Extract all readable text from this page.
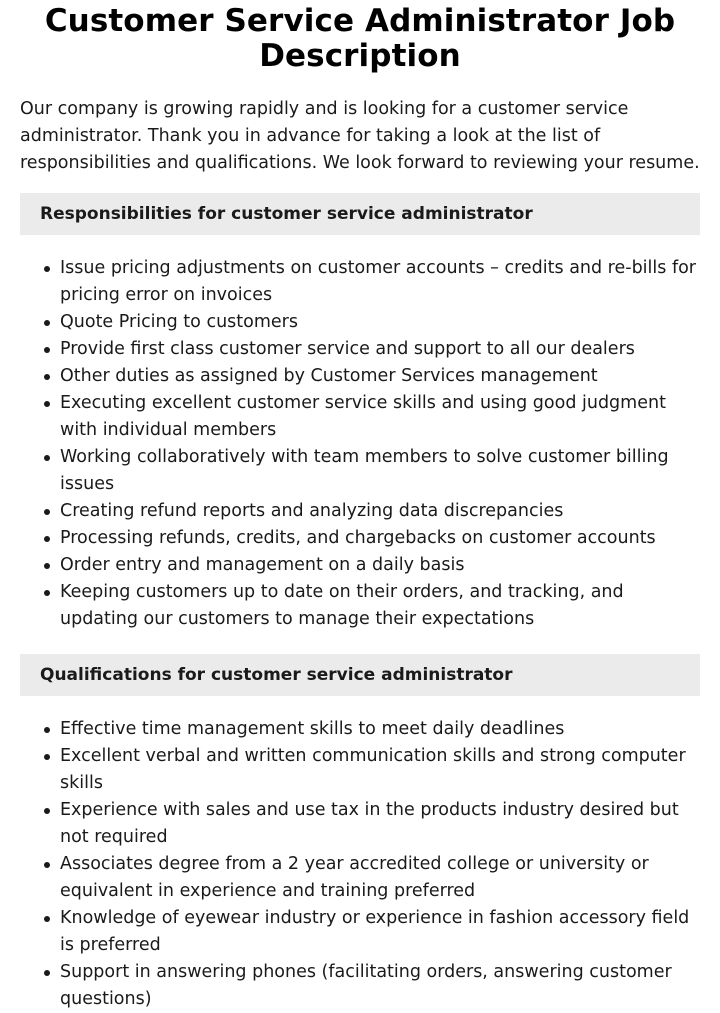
Customer Service Administrator Job Description

Our company is growing rapidly and is looking for a customer service administrator. Thank you in advance for taking a look at the list of responsibilities and qualifications. We look forward to reviewing your resume.

Responsibilities for customer service administrator
Issue pricing adjustments on customer accounts – credits and re-bills for pricing error on invoices
Quote Pricing to customers
Provide first class customer service and support to all our dealers
Other duties as assigned by Customer Services management
Executing excellent customer service skills and using good judgment with individual members
Working collaboratively with team members to solve customer billing issues
Creating refund reports and analyzing data discrepancies
Processing refunds, credits, and chargebacks on customer accounts
Order entry and management on a daily basis
Keeping customers up to date on their orders, and tracking, and updating our customers to manage their expectations
Qualifications for customer service administrator
Effective time management skills to meet daily deadlines
Excellent verbal and written communication skills and strong computer skills
Experience with sales and use tax in the products industry desired but not required
Associates degree from a 2 year accredited college or university or equivalent in experience and training preferred
Knowledge of eyewear industry or experience in fashion accessory field is preferred
Support in answering phones (facilitating orders, answering customer questions)
